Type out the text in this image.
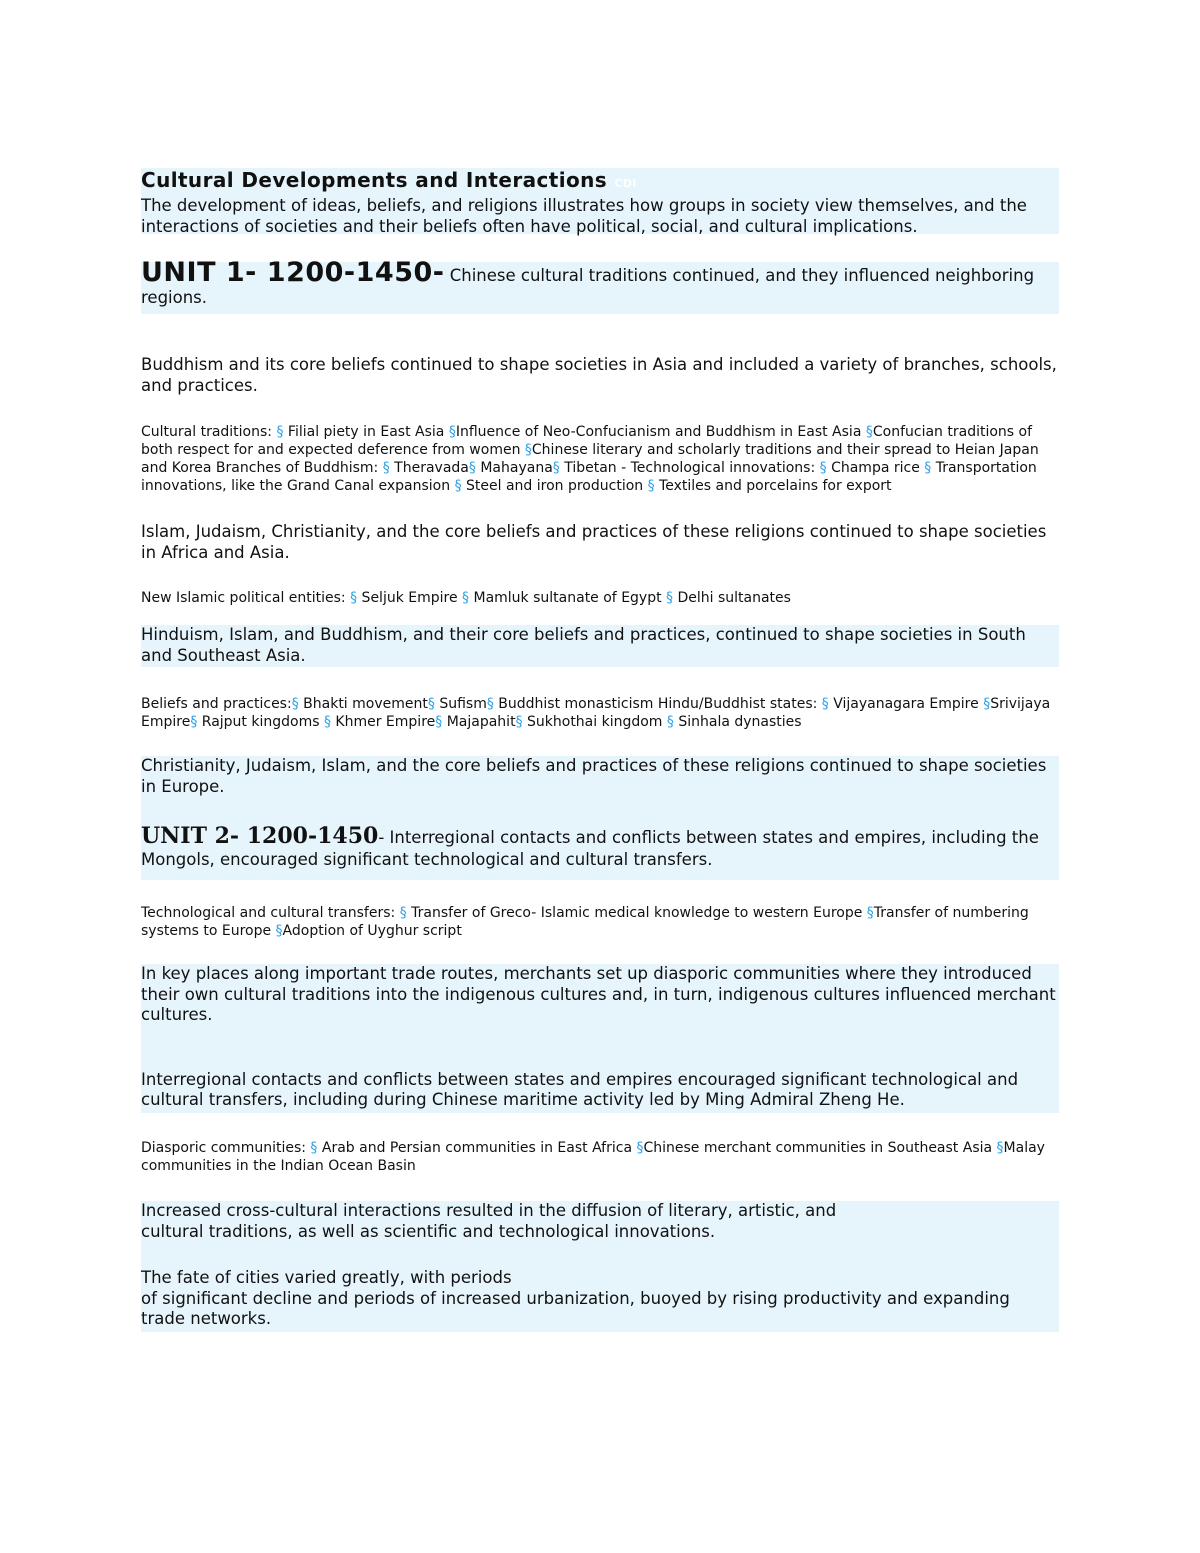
Cultural Developments and Interactions CDI

The development of ideas, beliefs, and religions illustrates how groups in society view themselves, and the interactions of societies and their beliefs often have political, social, and cultural implications.

UNIT 1- 1200-1450- Chinese cultural traditions continued, and they influenced neighboring regions.

Buddhism and its core beliefs continued to shape societies in Asia and included a variety of branches, schools, and practices.

Cultural traditions: § Filial piety in East Asia §Influence of Neo-Confucianism and Buddhism in East Asia §Confucian traditions of both respect for and expected deference from women §Chinese literary and scholarly traditions and their spread to Heian Japan and Korea Branches of Buddhism: § Theravada§ Mahayana§ Tibetan - Technological innovations: § Champa rice § Transportation innovations, like the Grand Canal expansion § Steel and iron production § Textiles and porcelains for export

Islam, Judaism, Christianity, and the core beliefs and practices of these religions continued to shape societies in Africa and Asia.

New Islamic political entities: § Seljuk Empire § Mamluk sultanate of Egypt § Delhi sultanates

Hinduism, Islam, and Buddhism, and their core beliefs and practices, continued to shape societies in South and Southeast Asia.

Beliefs and practices:§ Bhakti movement§ Sufism§ Buddhist monasticism Hindu/Buddhist states: § Vijayanagara Empire §Srivijaya Empire§ Rajput kingdoms § Khmer Empire§ Majapahit§ Sukhothai kingdom § Sinhala dynasties

Christianity, Judaism, Islam, and the core beliefs and practices of these religions continued to shape societies in Europe.

UNIT 2- 1200-1450- Interregional contacts and conflicts between states and empires, including the Mongols, encouraged significant technological and cultural transfers.

Technological and cultural transfers: § Transfer of Greco- Islamic medical knowledge to western Europe §Transfer of numbering systems to Europe §Adoption of Uyghur script

In key places along important trade routes, merchants set up diasporic communities where they introduced their own cultural traditions into the indigenous cultures and, in turn, indigenous cultures influenced merchant cultures.

Interregional contacts and conflicts between states and empires encouraged significant technological and cultural transfers, including during Chinese maritime activity led by Ming Admiral Zheng He.

Diasporic communities: § Arab and Persian communities in East Africa §Chinese merchant communities in Southeast Asia §Malay communities in the Indian Ocean Basin

Increased cross-cultural interactions resulted in the diffusion of literary, artistic, and

cultural traditions, as well as scientific and technological innovations.

The fate of cities varied greatly, with periods

of significant decline and periods of increased urbanization, buoyed by rising productivity and expanding trade networks.
